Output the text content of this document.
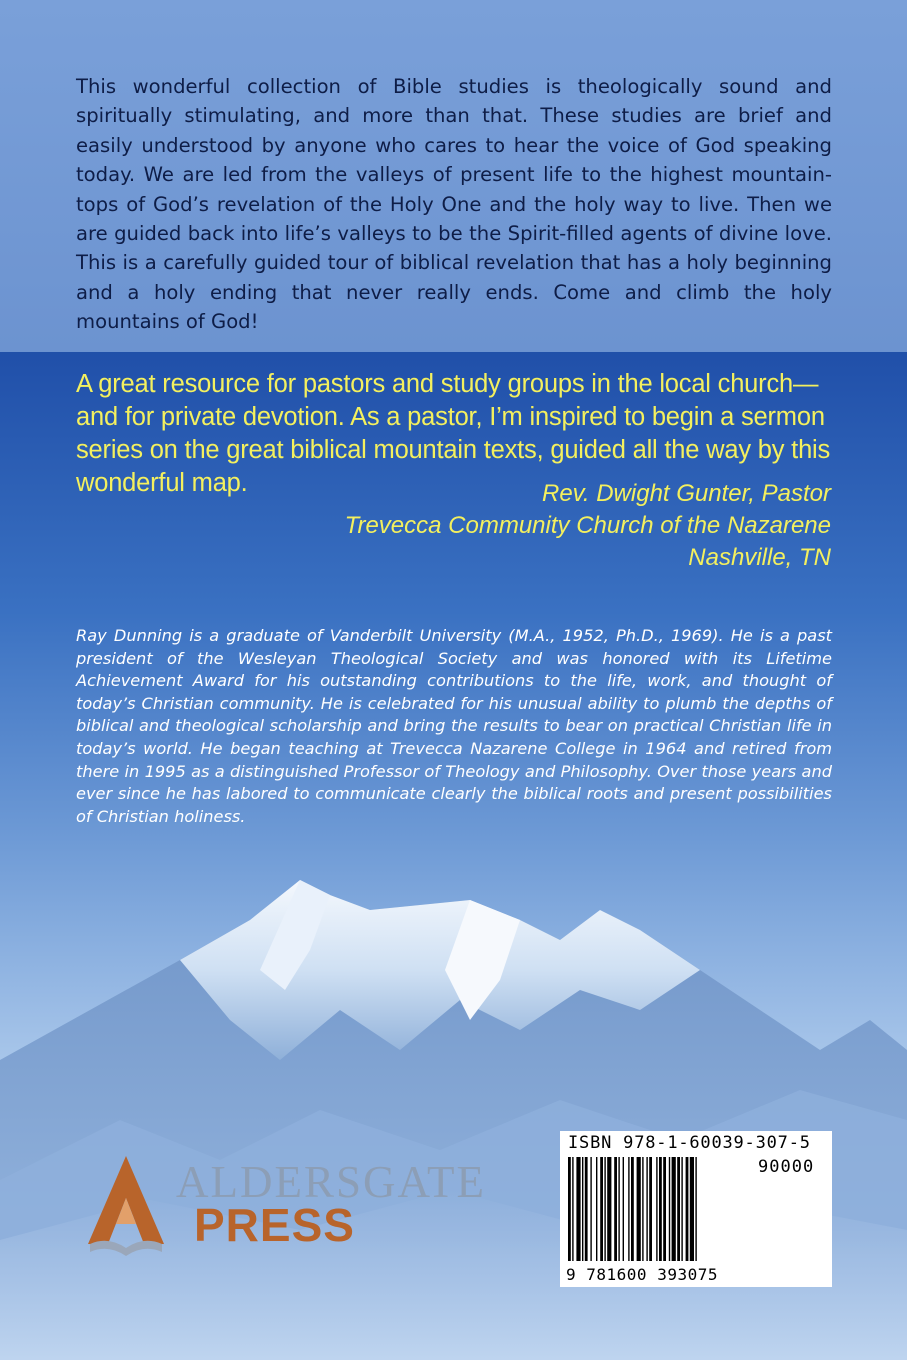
This wonderful collection of Bible studies is theologically sound and spiritually stimulating, and more than that. These studies are brief and easily understood by anyone who cares to hear the voice of God speaking today. We are led from the valleys of present life to the highest mountain-tops of God’s revelation of the Holy One and the holy way to live. Then we are guided back into life’s valleys to be the Spirit-filled agents of divine love. This is a carefully guided tour of biblical revelation that has a holy beginning and a holy ending that never really ends. Come and climb the holy mountains of God!

A great resource for pastors and study groups in the local church—and for private devotion. As a pastor, I’m inspired to begin a sermon series on the great biblical mountain texts, guided all the way by this wonderful map.	Rev. Dwight Gunter, Pastor
Trevecca Community Church of the Nazarene
Nashville, TN

Ray Dunning is a graduate of Vanderbilt University (M.A., 1952, Ph.D., 1969). He is a past president of the Wesleyan Theological Society and was honored with its Lifetime Achievement Award for his outstanding contributions to the life, work, and thought of today’s Christian community. He is celebrated for his unusual ability to plumb the depths of biblical and theological scholarship and bring the results to bear on practical Christian life in today’s world. He began teaching at Trevecca Nazarene College in 1964 and retired from there in 1995 as a distinguished Professor of Theology and Philosophy. Over those years and ever since he has labored to communicate clearly the biblical roots and present possibilities of Christian holiness.

ALDERSGATE
PRESS
ISBN 978-1-60039-307-5
90000
9 781600 393075
